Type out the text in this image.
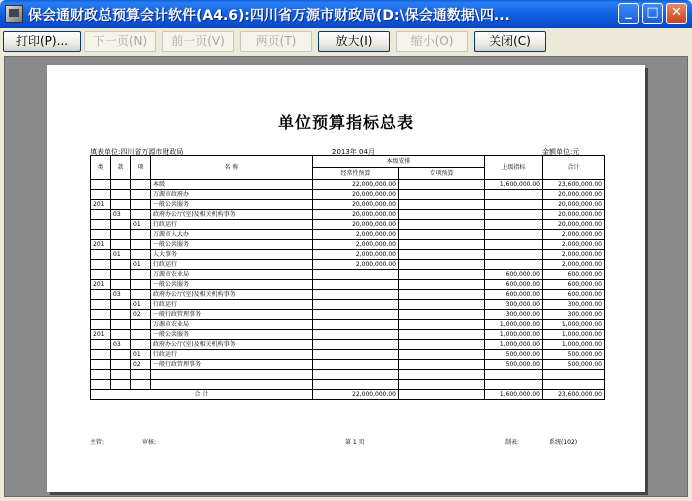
保会通财政总预算会计软件(A4.6):四川省万源市财政局(D:\保会通数据\四...	_	□ ✕
打印(P)...	下一页(N)	前一页(V)	两页(T)	放大(I)	缩小(O)	关闭(C)
单位预算指标总表
填表单位:四川省万源市财政局	2013年 04月	金额单位:元
类	款	项	名 称	本级安排		上级指标	合计
				经常性预算	专项预算		
			本级	22,000,000.00		1,600,000.00	23,600,000.00
			万源市政府办	20,000,000.00			20,000,000.00
201			一般公共服务	20,000,000.00			20,000,000.00
	03		政府办公厅(室)及相关机构事务	20,000,000.00			20,000,000.00
		01	行政运行	20,000,000.00			20,000,000.00
			万源市人大办	2,000,000.00			2,000,000.00
201			一般公共服务	2,000,000.00			2,000,000.00
	01		人大事务	2,000,000.00			2,000,000.00
		01	行政运行	2,000,000.00			2,000,000.00
			万源市农业局			600,000.00	600,000.00
201			一般公共服务			600,000.00	600,000.00
	03		政府办公厅(室)及相关机构事务			600,000.00	600,000.00
		01	行政运行			300,000.00	300,000.00
		02	一般行政管理事务			300,000.00	300,000.00
			万源市农业局			1,000,000.00	1,000,000.00
201			一般公共服务			1,000,000.00	1,000,000.00
	03		政府办公厅(室)及相关机构事务			1,000,000.00	1,000,000.00
		01	行政运行			500,000.00	500,000.00
		02	一般行政管理事务			500,000.00	500,000.00

合 计				22,000,000.00		1,600,000.00	23,600,000.00
主管:	审核:	第 1 页	制表:	系统(102)
